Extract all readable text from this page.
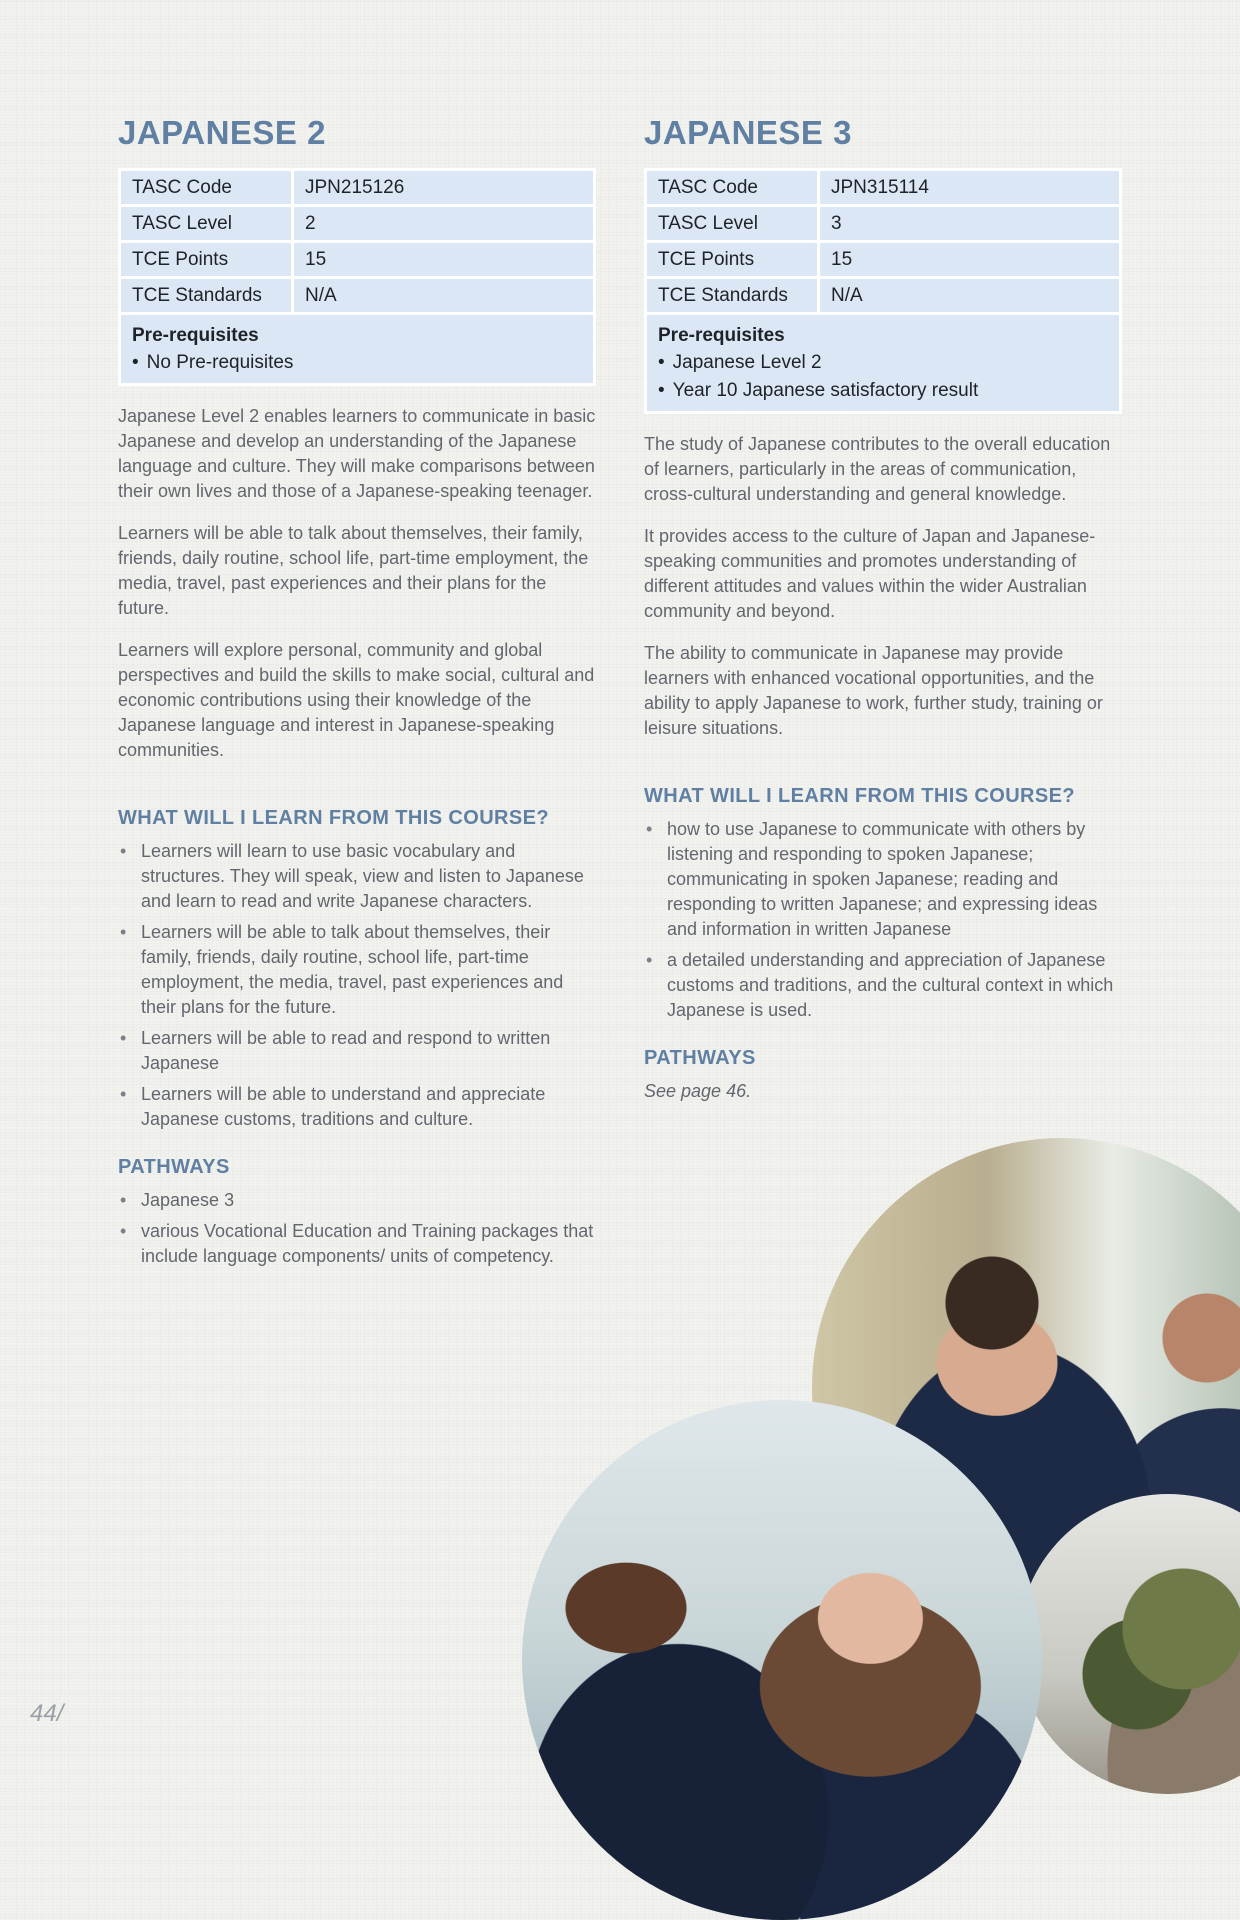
JAPANESE 2
TASC Code	JPN215126
TASC Level	2
TCE Points	15
TCE Standards	N/A

Pre-requisites
• No Pre-requisites

Japanese Level 2 enables learners to communicate in basic Japanese and develop an understanding of the Japanese language and culture. They will make comparisons between their own lives and those of a Japanese-speaking teenager.

Learners will be able to talk about themselves, their family, friends, daily routine, school life, part-time employment, the media, travel, past experiences and their plans for the future.

Learners will explore personal, community and global perspectives and build the skills to make social, cultural and economic contributions using their knowledge of the Japanese language and interest in Japanese-speaking communities.

WHAT WILL I LEARN FROM THIS COURSE?
• Learners will learn to use basic vocabulary and structures. They will speak, view and listen to Japanese and learn to read and write Japanese characters.
• Learners will be able to talk about themselves, their family, friends, daily routine, school life, part-time employment, the media, travel, past experiences and their plans for the future.
• Learners will be able to read and respond to written Japanese
• Learners will be able to understand and appreciate Japanese customs, traditions and culture.
PATHWAYS
• Japanese 3
• various Vocational Education and Training packages that include language components/ units of competency.
JAPANESE 3
TASC Code	JPN315114
TASC Level	3
TCE Points	15
TCE Standards	N/A

Pre-requisites
• Japanese Level 2
• Year 10 Japanese satisfactory result

The study of Japanese contributes to the overall education of learners, particularly in the areas of communication, cross-cultural understanding and general knowledge.

It provides access to the culture of Japan and Japanese-speaking communities and promotes understanding of different attitudes and values within the wider Australian community and beyond.

The ability to communicate in Japanese may provide learners with enhanced vocational opportunities, and the ability to apply Japanese to work, further study, training or leisure situations.

WHAT WILL I LEARN FROM THIS COURSE?
• how to use Japanese to communicate with others by listening and responding to spoken Japanese; communicating in spoken Japanese; reading and responding to written Japanese; and expressing ideas and information in written Japanese
• a detailed understanding and appreciation of Japanese customs and traditions, and the cultural context in which Japanese is used.
PATHWAYS

See page 46.

44/
